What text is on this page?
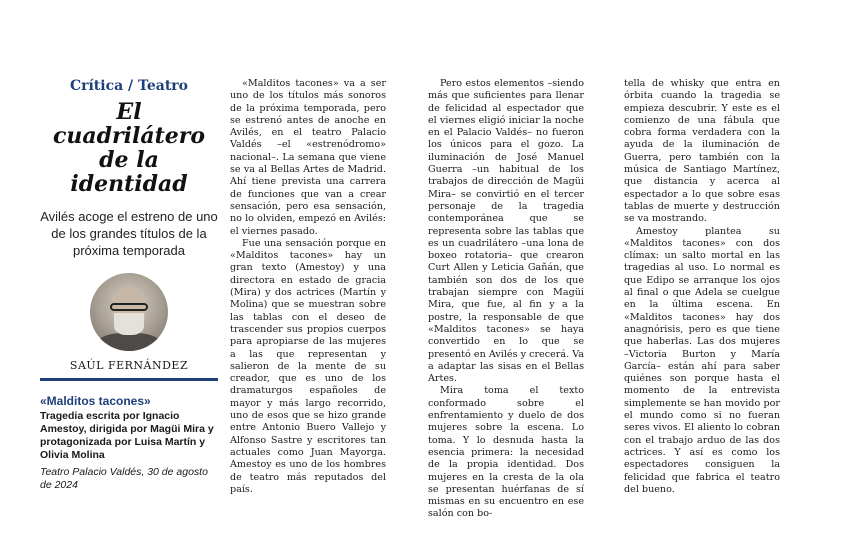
Crítica / Teatro

El cuadrilátero
de la identidad

Avilés acoge el estreno de uno de los grandes títulos de la próxima temporada

SAÚL FERNÁNDEZ

«Malditos tacones»

Tragedia escrita por Ignacio Amestoy, dirigida por Magüi Mira y protagonizada por Luisa Martín y Olivia Molina

Teatro Palacio Valdés, 30 de agosto de 2024

«Malditos tacones» va a ser uno de los títulos más sonoros de la próxima temporada, pero se estrenó antes de anoche en Avilés, en el teatro Palacio Valdés –el «estrenódromo» nacional–. La semana que viene se va al Bellas Artes de Madrid. Ahí tiene prevista una carrera de funciones que van a crear sensación, pero esa sensación, no lo olviden, empezó en Avilés: el viernes pasado.

Fue una sensación porque en «Malditos tacones» hay un gran texto (Amestoy) y una directora en estado de gracia (Mira) y dos actrices (Martín y Molina) que se muestran sobre las tablas con el deseo de trascender sus propios cuerpos para apropiarse de las mujeres a las que representan y salieron de la mente de su creador, que es uno de los dramaturgos españoles de mayor y más largo recorrido, uno de esos que se hizo grande entre Antonio Buero Vallejo y Alfonso Sastre y escritores tan actuales como Juan Mayorga. Amestoy es uno de los hombres de teatro más reputados del país.

Pero estos elementos –siendo más que suficientes para llenar de felicidad al espectador que el viernes eligió iniciar la noche en el Palacio Valdés– no fueron los únicos para el gozo. La iluminación de José Manuel Guerra –un habitual de los trabajos de dirección de Magüi Mira– se convirtió en el tercer personaje de la tragedia contemporánea que se representa sobre las tablas que es un cuadrilátero –una lona de boxeo rotatoria– que crearon Curt Allen y Leticia Gañán, que también son dos de los que trabajan siempre con Magüi Mira, que fue, al fin y a la postre, la responsable de que «Malditos tacones» se haya convertido en lo que se presentó en Avilés y crecerá. Va a adaptar las sisas en el Bellas Artes.

Mira toma el texto conformado sobre el enfrentamiento y duelo de dos mujeres sobre la escena. Lo toma. Y lo desnuda hasta la esencia primera: la necesidad de la propia identidad. Dos mujeres en la cresta de la ola se presentan huérfanas de sí mismas en su encuentro en ese salón con bo-

tella de whisky que entra en órbita cuando la tragedia se empieza descubrir. Y este es el comienzo de una fábula que cobra forma verdadera con la ayuda de la iluminación de Guerra, pero también con la música de Santiago Martínez, que distancia y acerca al espectador a lo que sobre esas tablas de muerte y destrucción se va mostrando.

Amestoy plantea su «Malditos tacones» con dos clímax: un salto mortal en las tragedias al uso. Lo normal es que Edipo se arranque los ojos al final o que Adela se cuelgue en la última escena. En «Malditos tacones» hay dos anagnórisis, pero es que tiene que haberlas. Las dos mujeres –Victoria Burton y María García– están ahí para saber quiénes son porque hasta el momento de la entrevista simplemente se han movido por el mundo como si no fueran seres vivos. El aliento lo cobran con el trabajo arduo de las dos actrices. Y así es como los espectadores consiguen la felicidad que fabrica el teatro del bueno.
